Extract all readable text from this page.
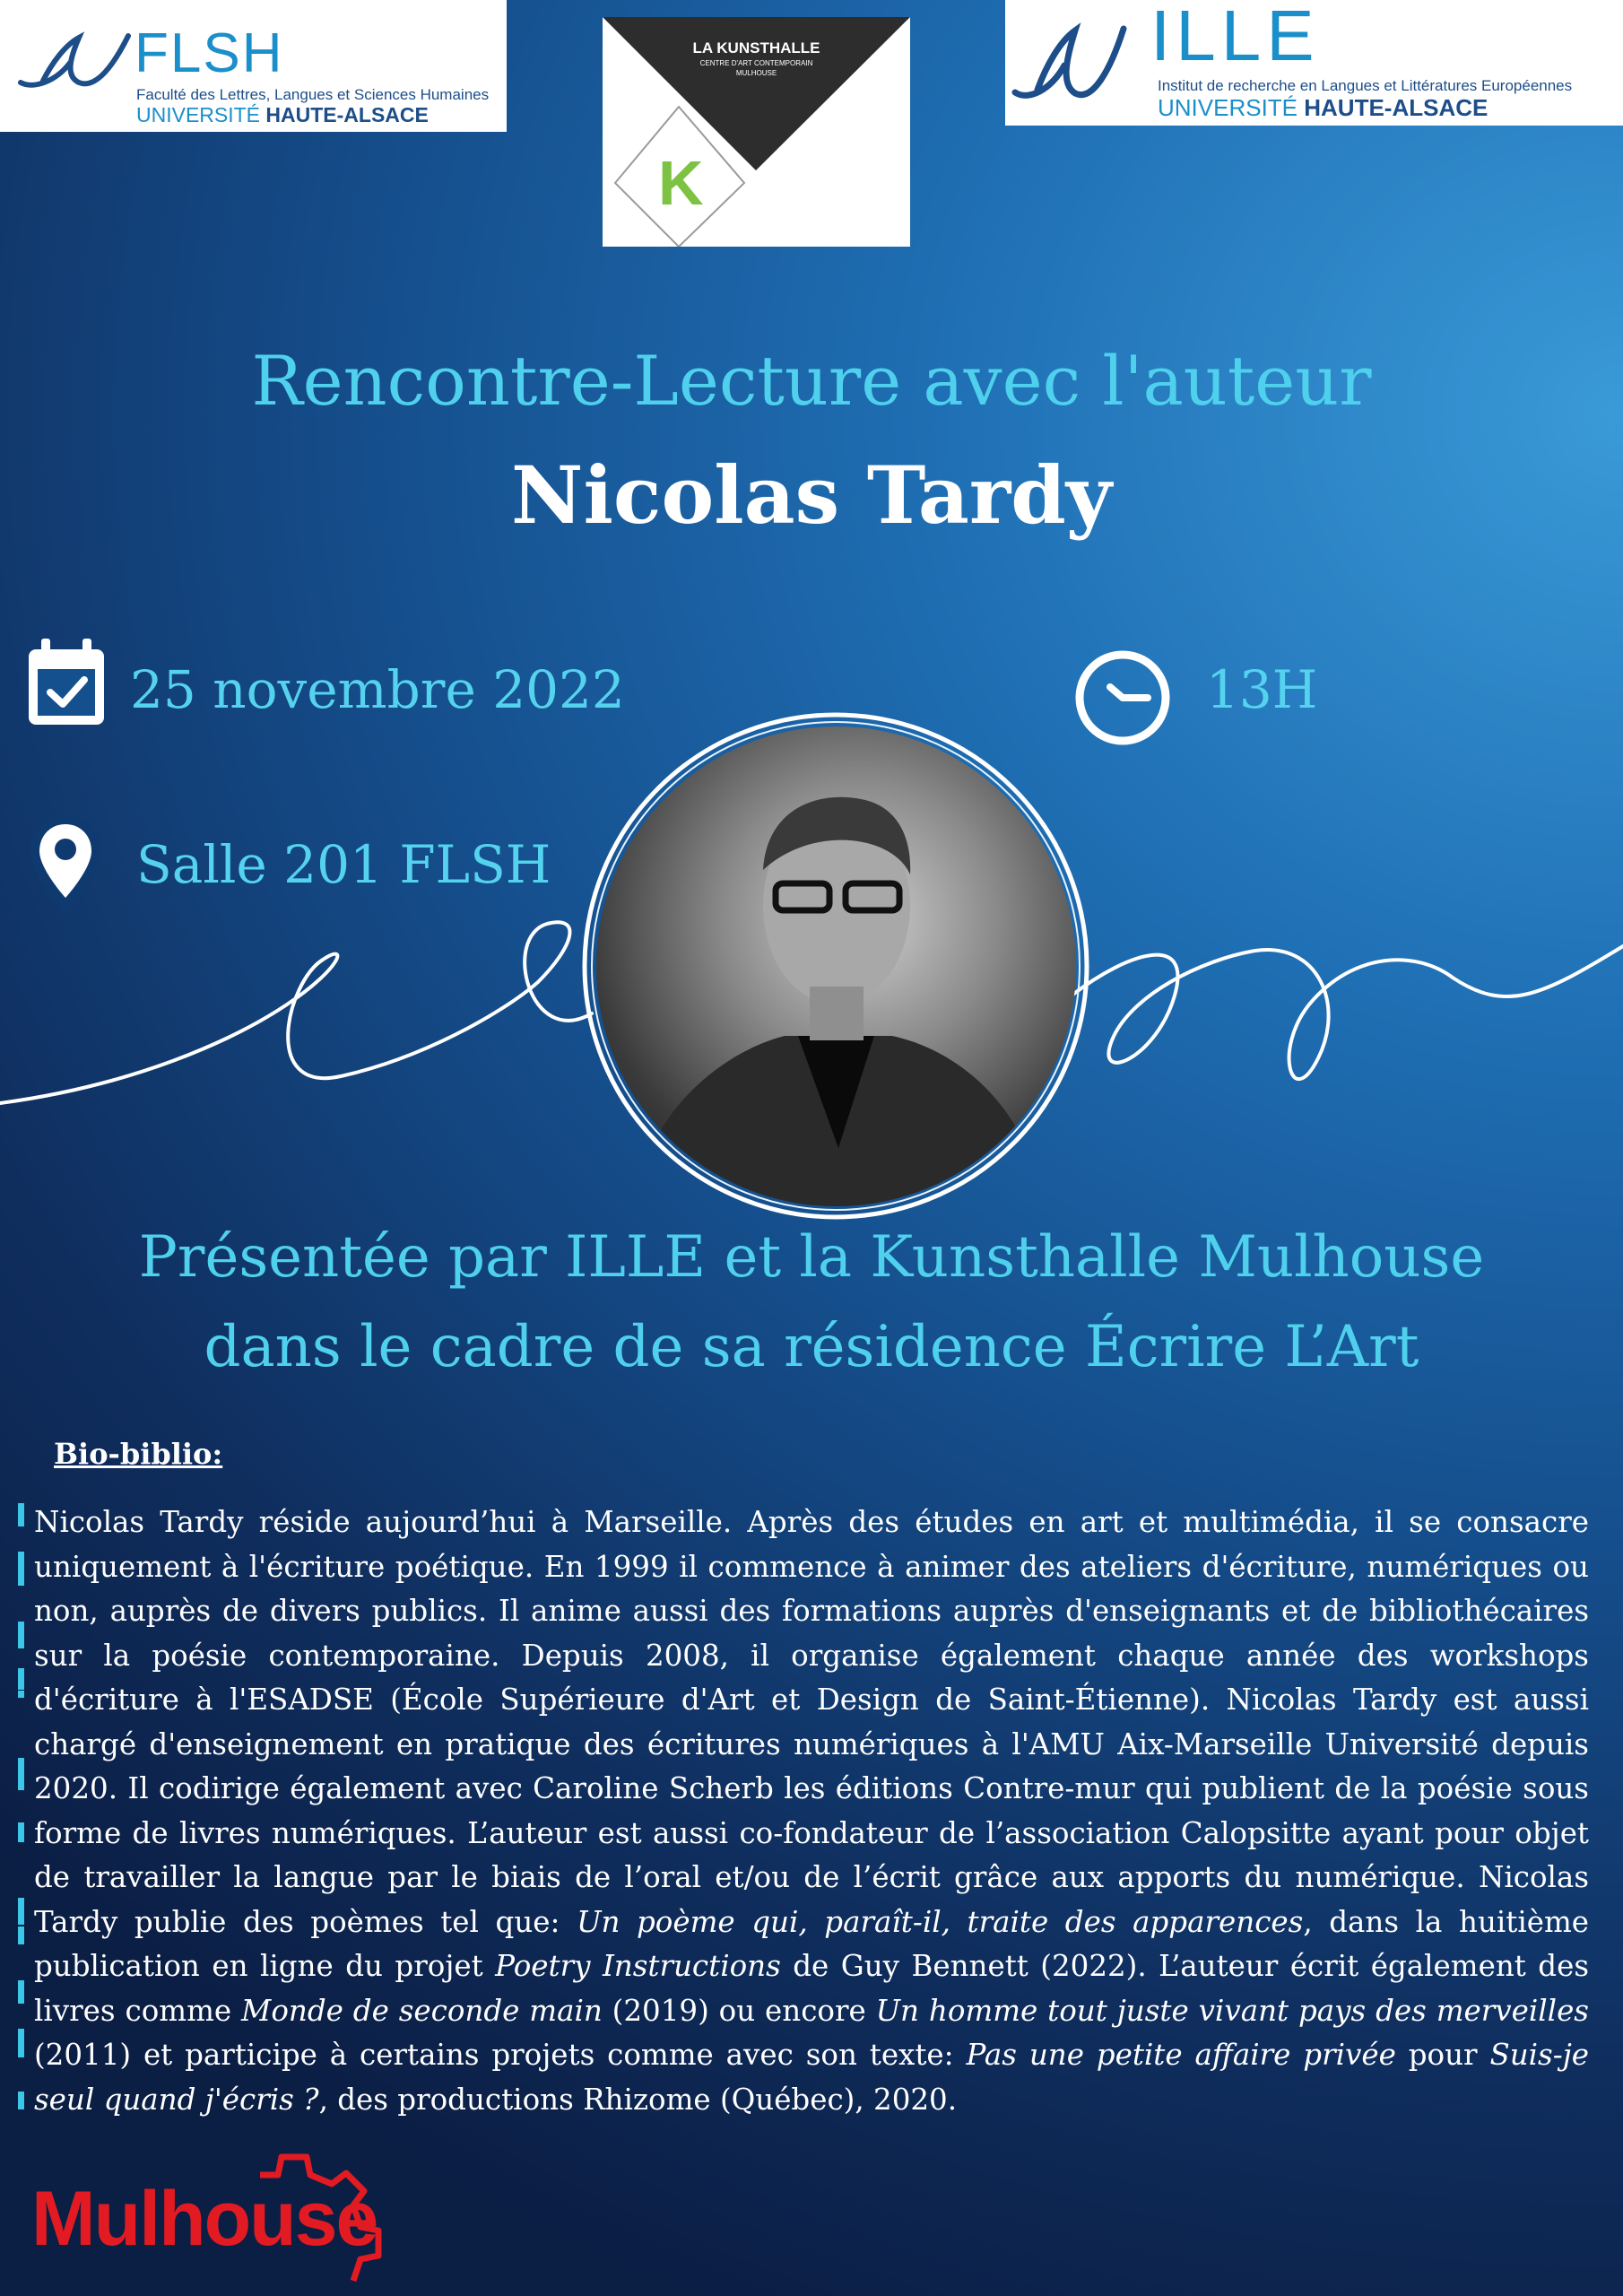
FLSH
Faculté des Lettres, Langues et Sciences Humaines
UNIVERSITÉ HAUTE-ALSACE
LA KUNSTHALLE
CENTRE D'ART CONTEMPORAIN
MULHOUSE
K
ILLE
Institut de recherche en Langues et Littératures Européennes
UNIVERSITÉ HAUTE-ALSACE
Rencontre-Lecture avec l'auteur
Nicolas Tardy
25 novembre 2022	13H
Salle 201 FLSH
Présentée par ILLE et la Kunsthalle Mulhouse
dans le cadre de sa résidence Écrire L’Art
Bio-biblio:
Nicolas Tardy réside aujourd’hui à Marseille. Après des études en art et multimédia, il se consacre uniquement à l'écriture poétique. En 1999 il commence à animer des ateliers d'écriture, numériques ou non, auprès de divers publics. Il anime aussi des formations auprès d'enseignants et de bibliothécaires sur la poésie contemporaine. Depuis 2008, il organise également chaque année des workshops d'écriture à l'ESADSE (École Supérieure d'Art et Design de Saint-Étienne). Nicolas Tardy est aussi chargé d'enseignement en pratique des écritures numériques à l'AMU Aix-Marseille Université depuis 2020. Il codirige également avec Caroline Scherb les éditions Contre-mur qui publient de la poésie sous forme de livres numériques. L’auteur est aussi co-fondateur de l’association Calopsitte ayant pour objet de travailler la langue par le biais de l’oral et/ou de l’écrit grâce aux apports du numérique. Nicolas Tardy publie des poèmes tel que: Un poème qui, paraît-il, traite des apparences, dans la huitième publication en ligne du projet Poetry Instructions de Guy Bennett (2022). L’auteur écrit également des livres comme Monde de seconde main (2019) ou encore Un homme tout juste vivant pays des merveilles (2011) et participe à certains projets comme avec son texte: Pas une petite affaire privée pour Suis-je seul quand j'écris ?, des productions Rhizome (Québec), 2020.
Mulhouse
